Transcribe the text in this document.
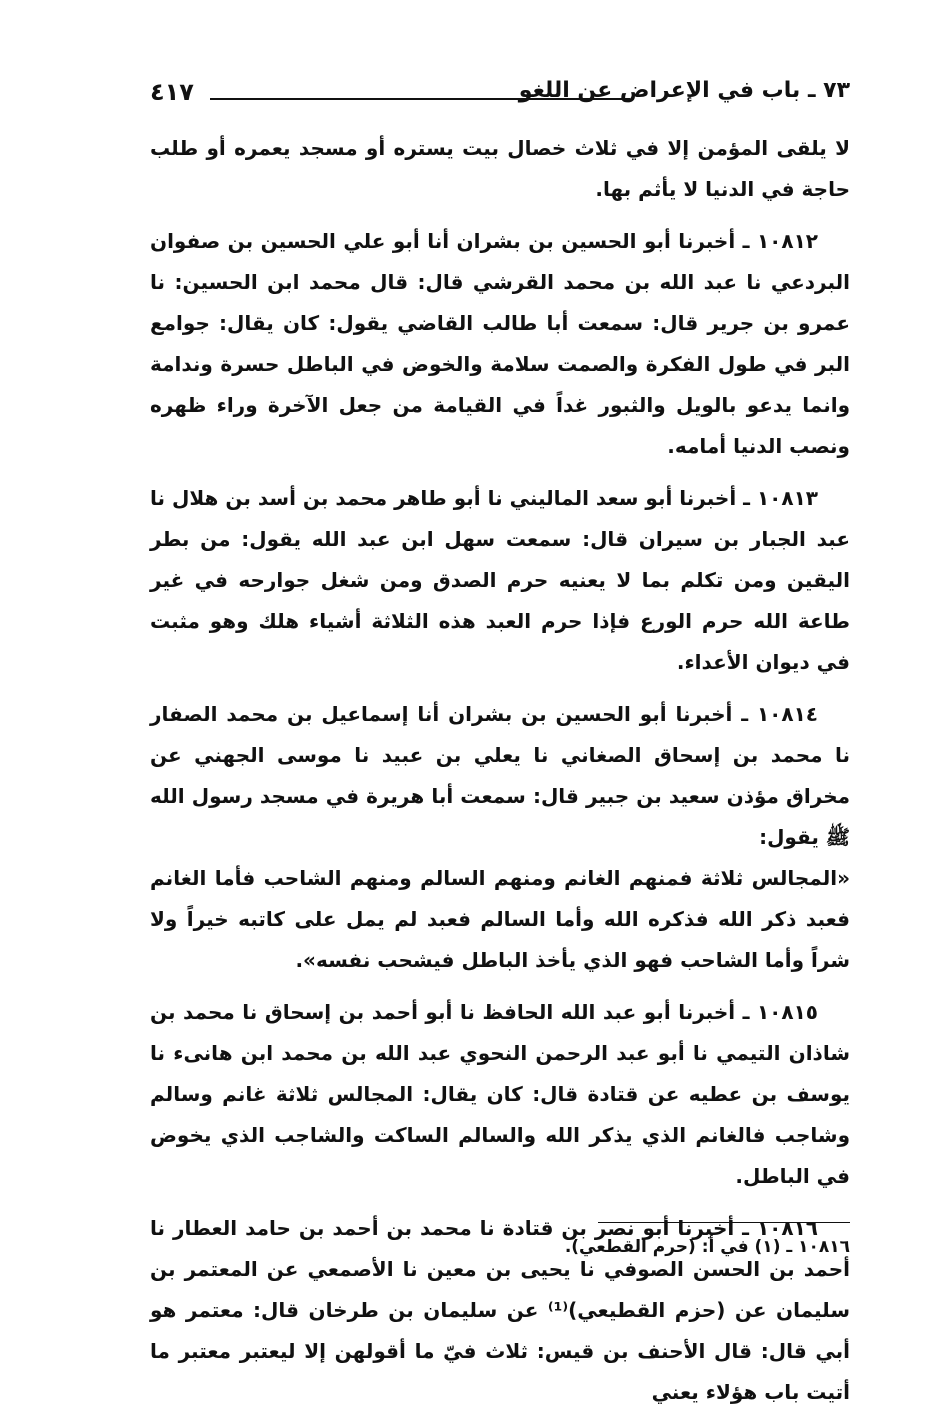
٧٣ ـ باب في الإعراض عن اللغو
٤١٧

لا يلقى المؤمن إلا في ثلاث خصال بيت يستره أو مسجد يعمره أو طلب حاجة في الدنيا لا يأثم بها.

١٠٨١٢ ـ أخبرنا أبو الحسين بن بشران أنا أبو علي الحسين بن صفوان البردعي نا عبد الله بن محمد القرشي قال: قال محمد ابن الحسين: نا عمرو بن جرير قال: سمعت أبا طالب القاضي يقول: كان يقال: جوامع البر في طول الفكرة والصمت سلامة والخوض في الباطل حسرة وندامة وانما يدعو بالويل والثبور غداً في القيامة من جعل الآخرة وراء ظهره ونصب الدنيا أمامه.

١٠٨١٣ ـ أخبرنا أبو سعد الماليني نا أبو طاهر محمد بن أسد بن هلال نا عبد الجبار بن سيران قال: سمعت سهل ابن عبد الله يقول: من بطر اليقين ومن تكلم بما لا يعنيه حرم الصدق ومن شغل جوارحه في غير طاعة الله حرم الورع فإذا حرم العبد هذه الثلاثة أشياء هلك وهو مثبت في ديوان الأعداء.

١٠٨١٤ ـ أخبرنا أبو الحسين بن بشران أنا إسماعيل بن محمد الصفار نا محمد بن إسحاق الصغاني نا يعلي بن عبيد نا موسى الجهني عن مخراق مؤذن سعيد بن جبير قال: سمعت أبا هريرة في مسجد رسول الله ﷺ يقول:

«المجالس ثلاثة فمنهم الغانم ومنهم السالم ومنهم الشاحب فأما الغانم فعبد ذكر الله فذكره الله وأما السالم فعبد لم يمل على كاتبه خيراً ولا شراً وأما الشاحب فهو الذي يأخذ الباطل فيشحب نفسه».

١٠٨١٥ ـ أخبرنا أبو عبد الله الحافظ نا أبو أحمد بن إسحاق نا محمد بن شاذان التيمي نا أبو عبد الرحمن النحوي عبد الله بن محمد ابن هانىء نا يوسف بن عطيه عن قتادة قال: كان يقال: المجالس ثلاثة غانم وسالم وشاجب فالغانم الذي يذكر الله والسالم الساكت والشاجب الذي يخوض في الباطل.

١٠٨١٦ ـ أخبرنا أبو نصر بن قتادة نا محمد بن أحمد بن حامد العطار نا أحمد بن الحسن الصوفي نا يحيى بن معين نا الأصمعي عن المعتمر بن سليمان عن (حزم القطيعي)⁽¹⁾ عن سليمان بن طرخان قال: معتمر هو أبي قال: قال الأحنف بن قيس: ثلاث فيّ ما أقولهن إلا ليعتبر معتبر ما أتيت باب هؤلاء يعني

١٠٨١٦ ـ (١) في أ: (حرم القطعي).
